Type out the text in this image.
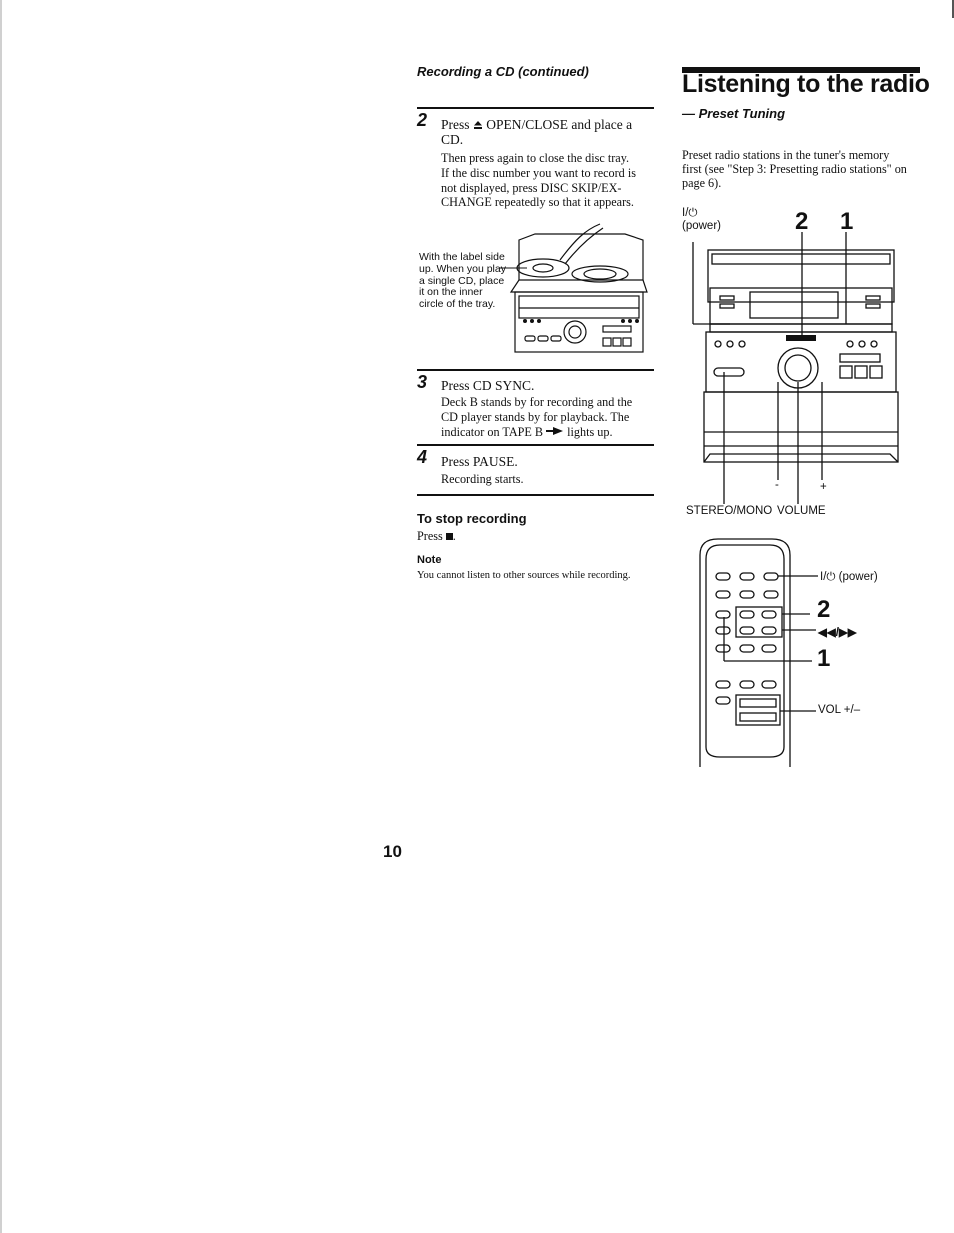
Recording a CD (continued)
2 Press  OPEN/CLOSE and place a CD.
Then press again to close the disc tray.
If the disc number you want to record is not displayed, press DISC SKIP/EX-CHANGE repeatedly so that it appears.
With the label side up. When you play a single CD, place it on the inner circle of the tray.
3 Press CD SYNC.
Deck B stands by for recording and the CD player stands by for playback. The indicator on TAPE B  lights up.
4 Press PAUSE.
Recording starts.
To stop recording
Press .
Note
You cannot listen to other sources while recording.
Listening to the radio
— Preset Tuning
Preset radio stations in the tuner's memory first (see "Step 3: Presetting radio stations" on page 6).
I/⏻
(power)	2 1
-	+
STEREO/MONO VOLUME
I/⏻ (power)
2
◀◀/▶▶
1
VOL +/–
10
